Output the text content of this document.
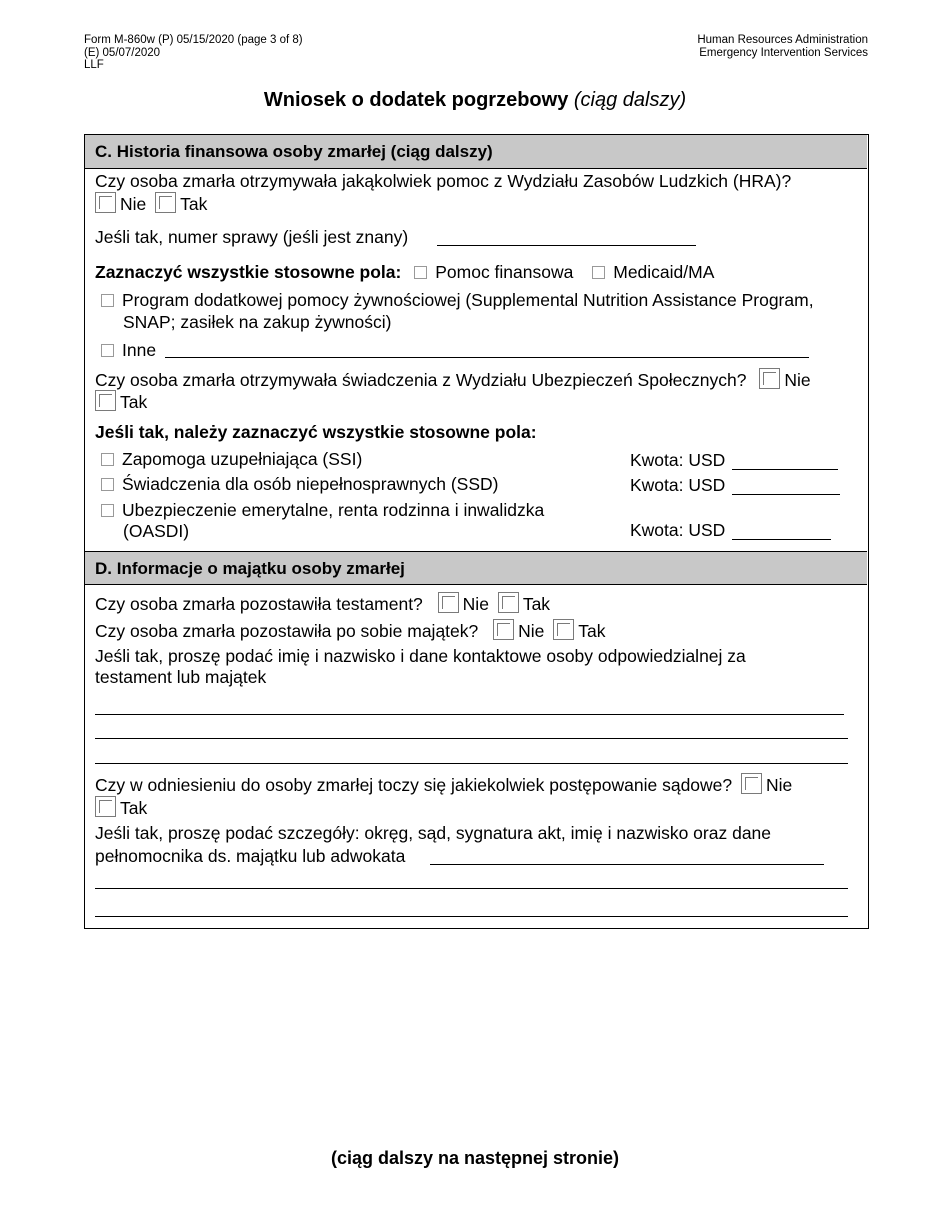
Form M-860w (P) 05/15/2020 (page 3 of 8)
(E) 05/07/2020
LLF
Human Resources Administration
Emergency Intervention Services
Wniosek o dodatek pogrzebowy (ciąg dalszy)
C. Historia finansowa osoby zmarłej (ciąg dalszy)
Czy osoba zmarła otrzymywała jakąkolwiek pomoc z Wydziału Zasobów Ludzkich (HRA)?
Nie Tak
Jeśli tak, numer sprawy (jeśli jest znany)
Zaznaczyć wszystkie stosowne pola: Pomoc finansowa Medicaid/MA
Program dodatkowej pomocy żywnościowej (Supplemental Nutrition Assistance Program,
SNAP; zasiłek na zakup żywności)
Inne
Czy osoba zmarła otrzymywała świadczenia z Wydziału Ubezpieczeń Społecznych? Nie
Tak
Jeśli tak, należy zaznaczyć wszystkie stosowne pola:
Zapomoga uzupełniająca (SSI)	Kwota: USD
Świadczenia dla osób niepełnosprawnych (SSD)	Kwota: USD
Ubezpieczenie emerytalne, renta rodzinna i inwalidzka
(OASDI)	Kwota: USD
D. Informacje o majątku osoby zmarłej
Czy osoba zmarła pozostawiła testament? Nie Tak
Czy osoba zmarła pozostawiła po sobie majątek? Nie Tak
Jeśli tak, proszę podać imię i nazwisko i dane kontaktowe osoby odpowiedzialnej za
testament lub majątek
Czy w odniesieniu do osoby zmarłej toczy się jakiekolwiek postępowanie sądowe? Nie
Tak
Jeśli tak, proszę podać szczegóły: okręg, sąd, sygnatura akt, imię i nazwisko oraz dane
pełnomocnika ds. majątku lub adwokata
(ciąg dalszy na następnej stronie)
